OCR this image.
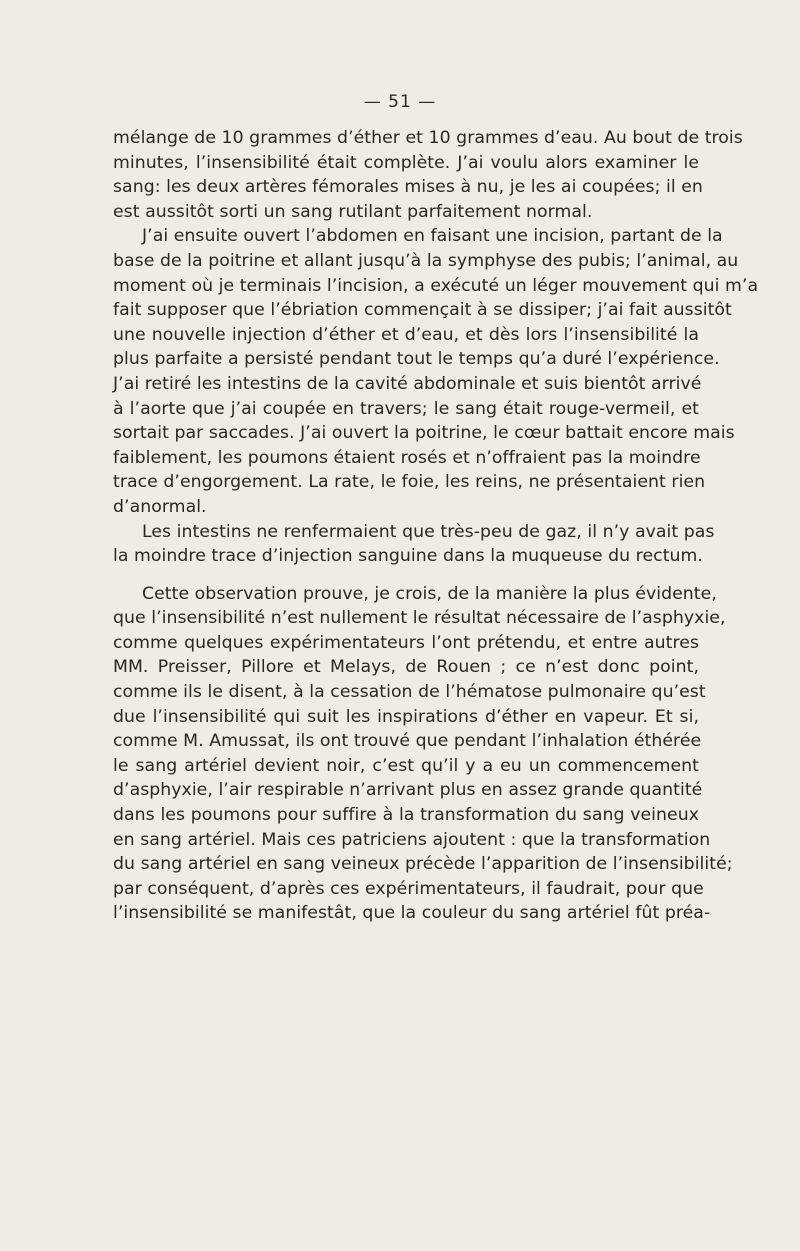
— 51 —
mélange de 10 grammes d’éther et 10 grammes d’eau. Au bout de trois
minutes, l’insensibilité était complète. J’ai voulu alors examiner le
sang: les deux artères fémorales mises à nu, je les ai coupées; il en
est aussitôt sorti un sang rutilant parfaitement normal.
J’ai ensuite ouvert l’abdomen en faisant une incision, partant de la
base de la poitrine et allant jusqu’à la symphyse des pubis; l’animal, au
moment où je terminais l’incision, a exécuté un léger mouvement qui m’a
fait supposer que l’ébriation commençait à se dissiper; j’ai fait aussitôt
une nouvelle injection d’éther et d’eau, et dès lors l’insensibilité la
plus parfaite a persisté pendant tout le temps qu’a duré l’expérience.
J’ai retiré les intestins de la cavité abdominale et suis bientôt arrivé
à l’aorte que j’ai coupée en travers; le sang était rouge-vermeil, et
sortait par saccades. J’ai ouvert la poitrine, le cœur battait encore mais
faiblement, les poumons étaient rosés et n’offraient pas la moindre
trace d’engorgement. La rate, le foie, les reins, ne présentaient rien
d’anormal.
Les intestins ne renfermaient que très-peu de gaz, il n’y avait pas
la moindre trace d’injection sanguine dans la muqueuse du rectum.
Cette observation prouve, je crois, de la manière la plus évidente,
que l’insensibilité n’est nullement le résultat nécessaire de l’asphyxie,
comme quelques expérimentateurs l’ont prétendu, et entre autres
MM. Preisser, Pillore et Melays, de Rouen ; ce n’est donc point,
comme ils le disent, à la cessation de l’hématose pulmonaire qu’est
due l’insensibilité qui suit les inspirations d’éther en vapeur. Et si,
comme M. Amussat, ils ont trouvé que pendant l’inhalation éthérée
le sang artériel devient noir, c’est qu’il y a eu un commencement
d’asphyxie, l’air respirable n’arrivant plus en assez grande quantité
dans les poumons pour suffire à la transformation du sang veineux
en sang artériel. Mais ces patriciens ajoutent : que la transformation
du sang artériel en sang veineux précède l’apparition de l’insensibilité;
par conséquent, d’après ces expérimentateurs, il faudrait, pour que
l’insensibilité se manifestât, que la couleur du sang artériel fût préa-
